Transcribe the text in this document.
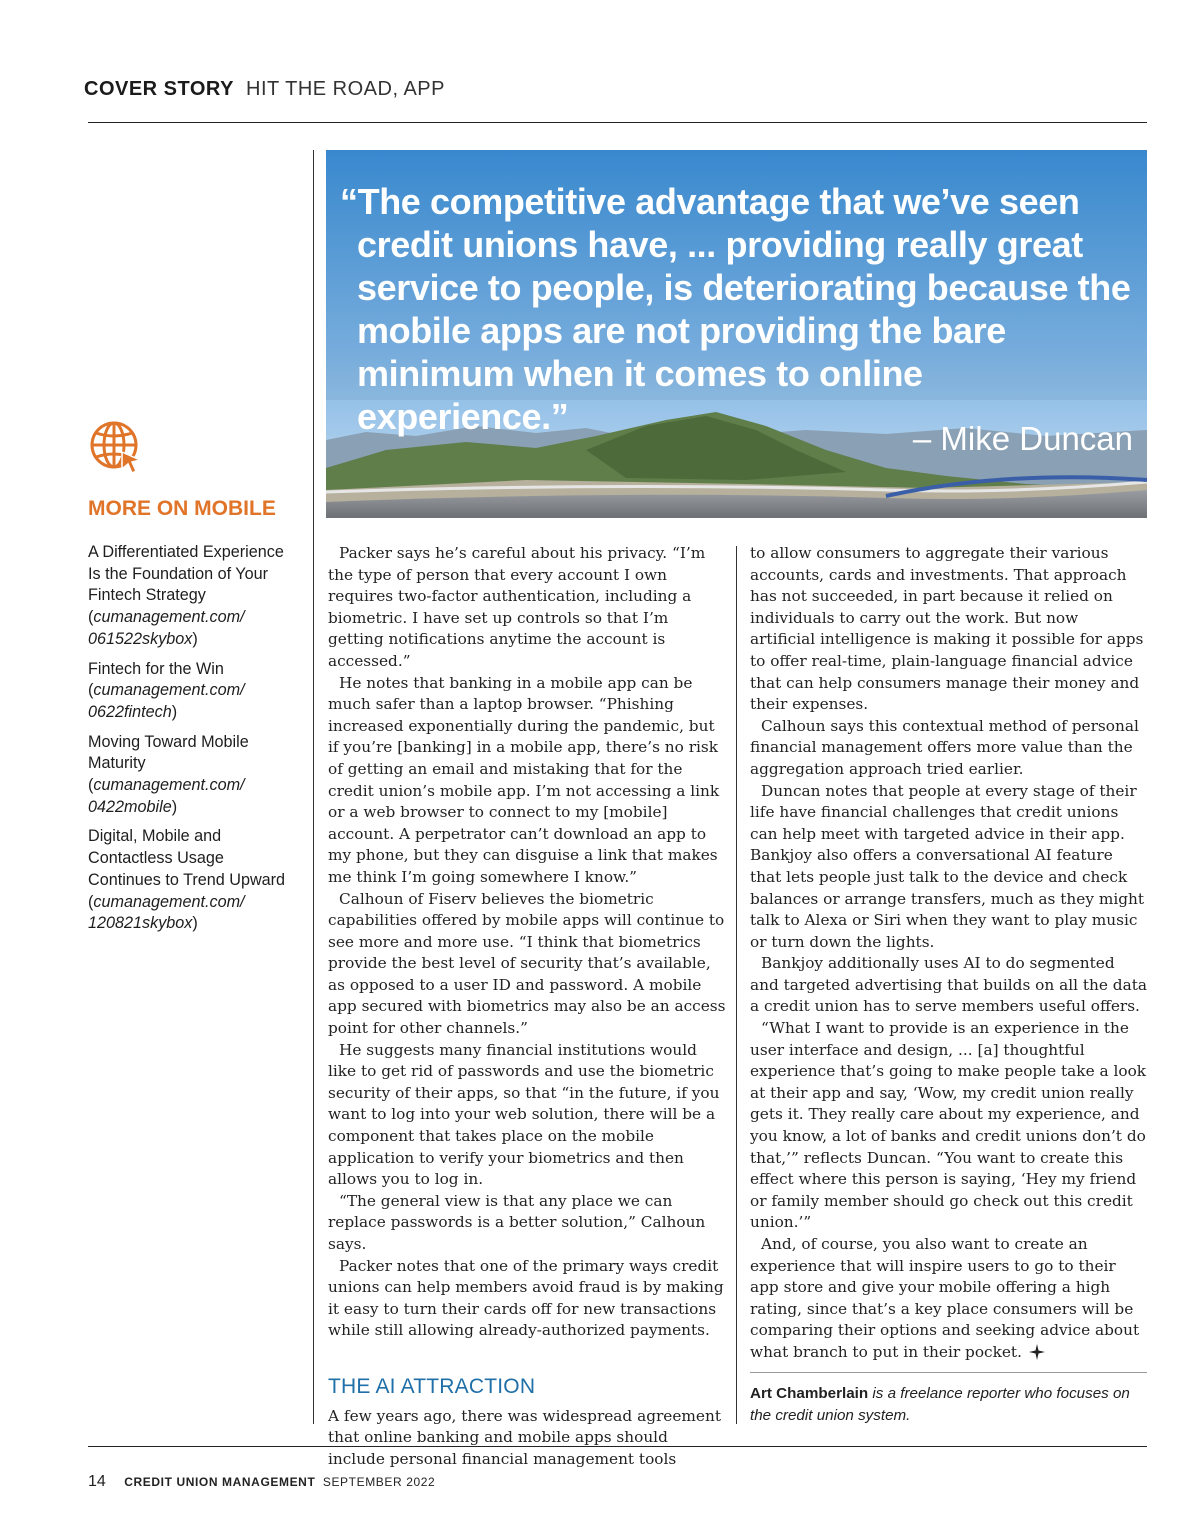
COVER STORY HIT THE ROAD, APP
MORE ON MOBILE
A Differentiated Experience Is the Foundation of Your Fintech Strategy
(cumanagement.com/ 061522skybox)
Fintech for the Win
(cumanagement.com/ 0622fintech)
Moving Toward Mobile Maturity
(cumanagement.com/ 0422mobile)
Digital, Mobile and Contactless Usage Continues to Trend Upward
(cumanagement.com/ 120821skybox)
“The competitive advantage that we’ve seen credit unions have, ... providing really great service to people, is deteriorating because the mobile apps are not providing the bare minimum when it comes to online experience.”
– Mike Duncan

Packer says he’s careful about his privacy. “I’m the type of person that every account I own requires two-factor authentication, including a biometric. I have set up controls so that I’m getting notifications anytime the account is accessed.”

He notes that banking in a mobile app can be much safer than a laptop browser. “Phishing increased exponentially during the pandemic, but if you’re [banking] in a mobile app, there’s no risk of getting an email and mistaking that for the credit union’s mobile app. I’m not accessing a link or a web browser to connect to my [mobile] account. A perpetrator can’t download an app to my phone, but they can disguise a link that makes me think I’m going somewhere I know.”

Calhoun of Fiserv believes the biometric capabilities offered by mobile apps will continue to see more and more use. “I think that biometrics provide the best level of security that’s available, as opposed to a user ID and password. A mobile app secured with biometrics may also be an access point for other channels.”

He suggests many financial institutions would like to get rid of passwords and use the biometric security of their apps, so that “in the future, if you want to log into your web solution, there will be a component that takes place on the mobile application to verify your biometrics and then allows you to log in.

“The general view is that any place we can replace passwords is a better solution,” Calhoun says.

Packer notes that one of the primary ways credit unions can help members avoid fraud is by making it easy to turn their cards off for new transactions while still allowing already-authorized payments.

THE AI ATTRACTION

A few years ago, there was widespread agreement that online banking and mobile apps should include personal financial management tools

to allow consumers to aggregate their various accounts, cards and investments. That approach has not succeeded, in part because it relied on individuals to carry out the work. But now artificial intelligence is making it possible for apps to offer real-time, plain-language financial advice that can help consumers manage their money and their expenses.

Calhoun says this contextual method of personal financial management offers more value than the aggregation approach tried earlier.

Duncan notes that people at every stage of their life have financial challenges that credit unions can help meet with targeted advice in their app. Bankjoy also offers a conversational AI feature that lets people just talk to the device and check balances or arrange transfers, much as they might talk to Alexa or Siri when they want to play music or turn down the lights.

Bankjoy additionally uses AI to do segmented and targeted advertising that builds on all the data a credit union has to serve members useful offers.

“What I want to provide is an experience in the user interface and design, ... [a] thoughtful experience that’s going to make people take a look at their app and say, ‘Wow, my credit union really gets it. They really care about my experience, and you know, a lot of banks and credit unions don’t do that,’” reflects Duncan. “You want to create this effect where this person is saying, ‘Hey my friend or family member should go check out this credit union.’”

And, of course, you also want to create an experience that will inspire users to go to their app store and give your mobile offering a high rating, since that’s a key place consumers will be comparing their options and seeking advice about what branch to put in their pocket.

Art Chamberlain is a freelance reporter who focuses on the credit union system.
14 CREDIT UNION MANAGEMENT SEPTEMBER 2022
